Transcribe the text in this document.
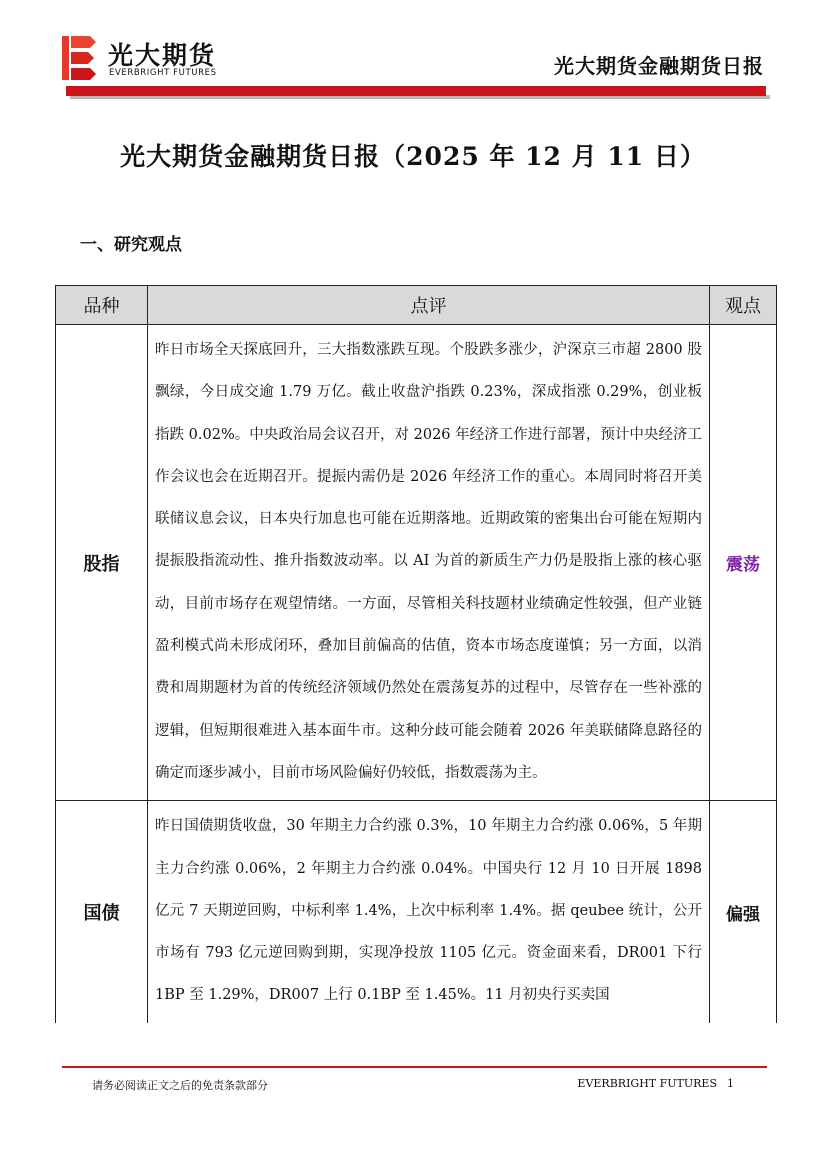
光大期货
EVERBRIGHT FUTURES	光大期货金融期货日报
光大期货金融期货日报（2025 年 12 月 11 日）
一、研究观点
品种	点评	观点
股指	昨日市场全天探底回升，三大指数涨跌互现。个股跌多涨少，沪深京三市超 2800 股飘绿，今日成交逾 1.79 万亿。截止收盘沪指跌 0.23%，深成指涨 0.29%，创业板指跌 0.02%。中央政治局会议召开，对 2026 年经济工作进行部署，预计中央经济工作会议也会在近期召开。提振内需仍是 2026 年经济工作的重心。本周同时将召开美联储议息会议，日本央行加息也可能在近期落地。近期政策的密集出台可能在短期内提振股指流动性、推升指数波动率。以 AI 为首的新质生产力仍是股指上涨的核心驱动，目前市场存在观望情绪。一方面，尽管相关科技题材业绩确定性较强，但产业链盈利模式尚未形成闭环，叠加目前偏高的估值，资本市场态度谨慎；另一方面，以消费和周期题材为首的传统经济领域仍然处在震荡复苏的过程中，尽管存在一些补涨的逻辑，但短期很难进入基本面牛市。这种分歧可能会随着 2026 年美联储降息路径的确定而逐步减小，目前市场风险偏好仍较低，指数震荡为主。	震荡
国债	昨日国债期货收盘，30 年期主力合约涨 0.3%，10 年期主力合约涨 0.06%，5 年期主力合约涨 0.06%，2 年期主力合约涨 0.04%。中国央行 12 月 10 日开展 1898 亿元 7 天期逆回购，中标利率 1.4%，上次中标利率 1.4%。据 qeubee 统计，公开市场有 793 亿元逆回购到期，实现净投放 1105 亿元。资金面来看，DR001 下行 1BP 至 1.29%，DR007 上行 0.1BP 至 1.45%。11 月初央行买卖国	偏强
请务必阅读正文之后的免责条款部分	EVERBRIGHT FUTURES 1
